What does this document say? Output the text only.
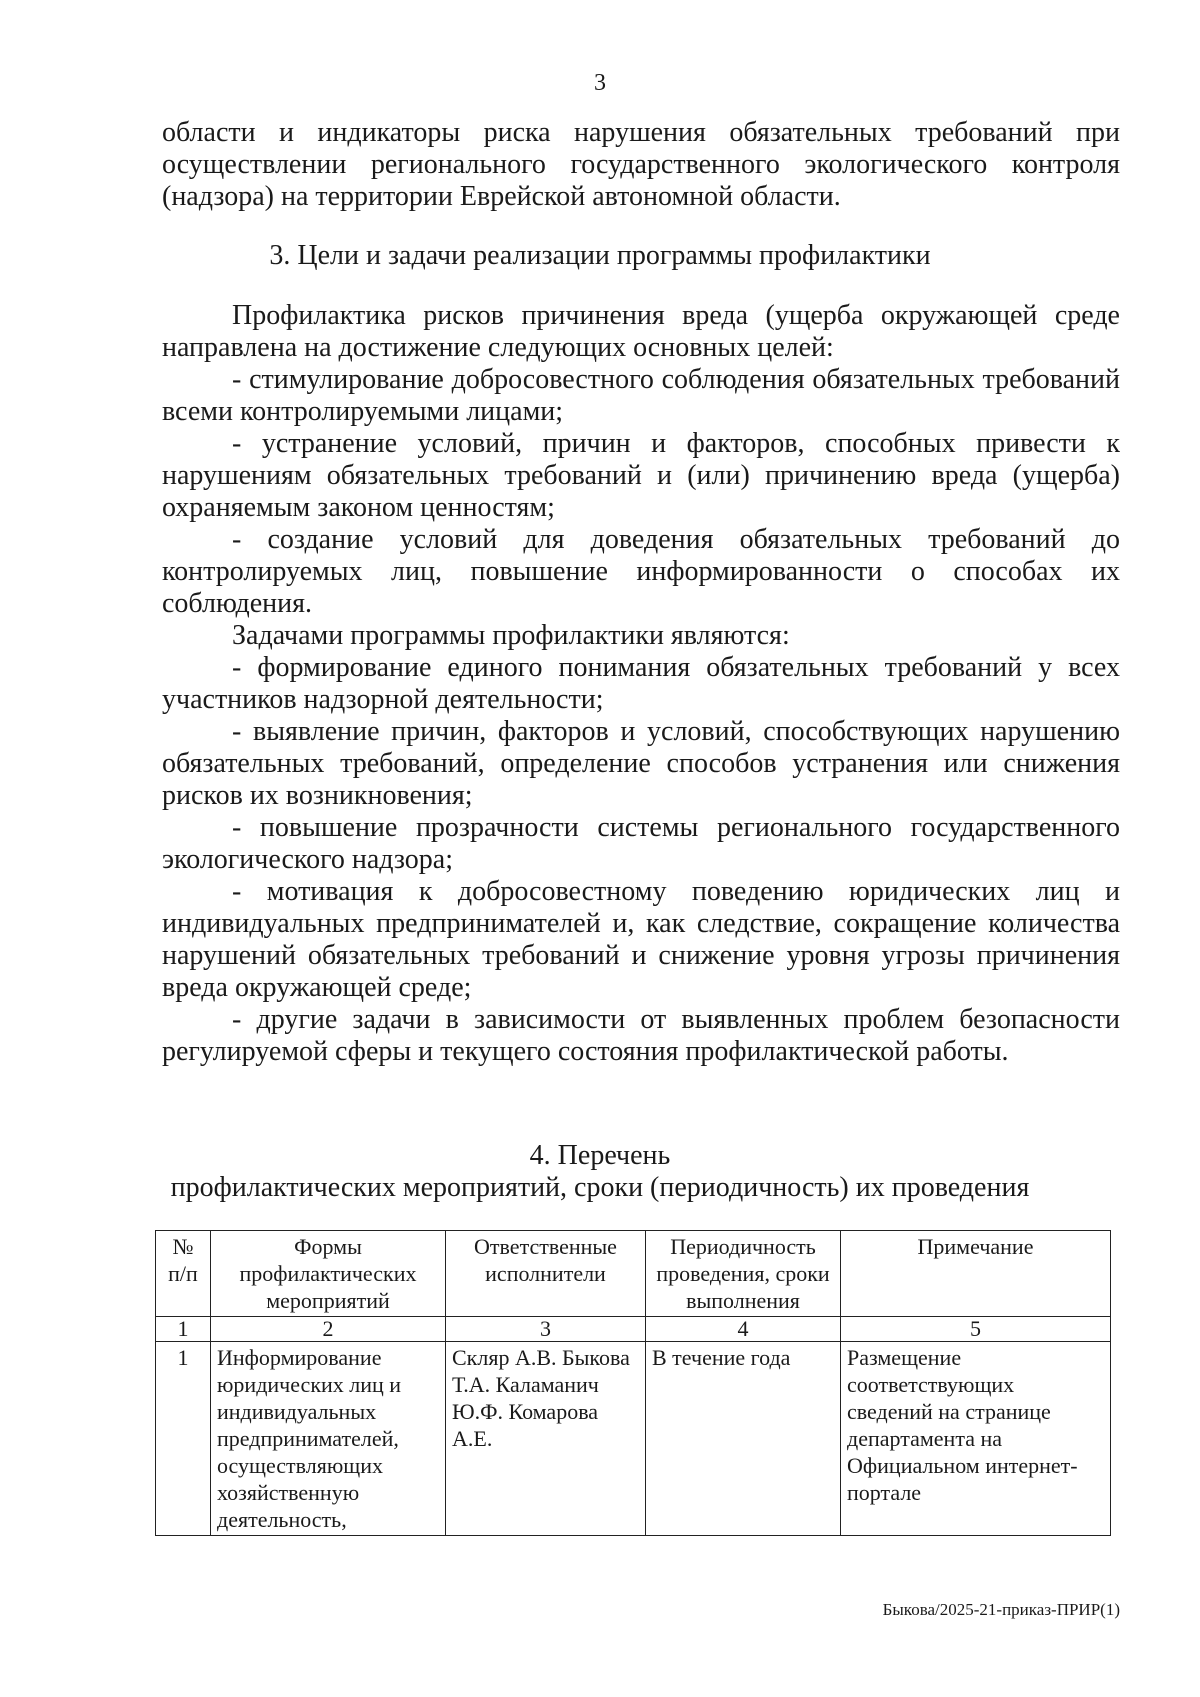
3

области и индикаторы риска нарушения обязательных требований при осуществлении регионального государственного экологического контроля (надзора) на территории Еврейской автономной области.

3. Цели и задачи реализации программы профилактики

Профилактика рисков причинения вреда (ущерба окружающей среде направлена на достижение следующих основных целей:

- стимулирование добросовестного соблюдения обязательных требований всеми контролируемыми лицами;

- устранение условий, причин и факторов, способных привести к нарушениям обязательных требований и (или) причинению вреда (ущерба) охраняемым законом ценностям;

- создание условий для доведения обязательных требований до контролируемых лиц, повышение информированности о способах их соблюдения.

Задачами программы профилактики являются:

- формирование единого понимания обязательных требований у всех участников надзорной деятельности;

- выявление причин, факторов и условий, способствующих нарушению обязательных требований, определение способов устранения или снижения рисков их возникновения;

- повышение прозрачности системы регионального государственного экологического надзора;

- мотивация к добросовестному поведению юридических лиц и индивидуальных предпринимателей и, как следствие, сокращение количества нарушений обязательных требований и снижение уровня угрозы причинения вреда окружающей среде;

- другие задачи в зависимости от выявленных проблем безопасности регулируемой сферы и текущего состояния профилактической работы.

4. Перечень
профилактических мероприятий, сроки (периодичность) их проведения
№ п/п	Формы профилактических мероприятий	Ответственные исполнители	Периодичность проведения, сроки выполнения	Примечание
1	2	3	4	5
1	Информирование юридических лиц и индивидуальных предпринимателей, осуществляющих хозяйственную деятельность,	Скляр А.В. Быкова Т.А. Каламанич Ю.Ф. Комарова А.Е.	В течение года	Размещение соответствующих сведений на странице департамента на Официальном интернет-портале
Быкова/2025-21-приказ-ПРИР(1)
